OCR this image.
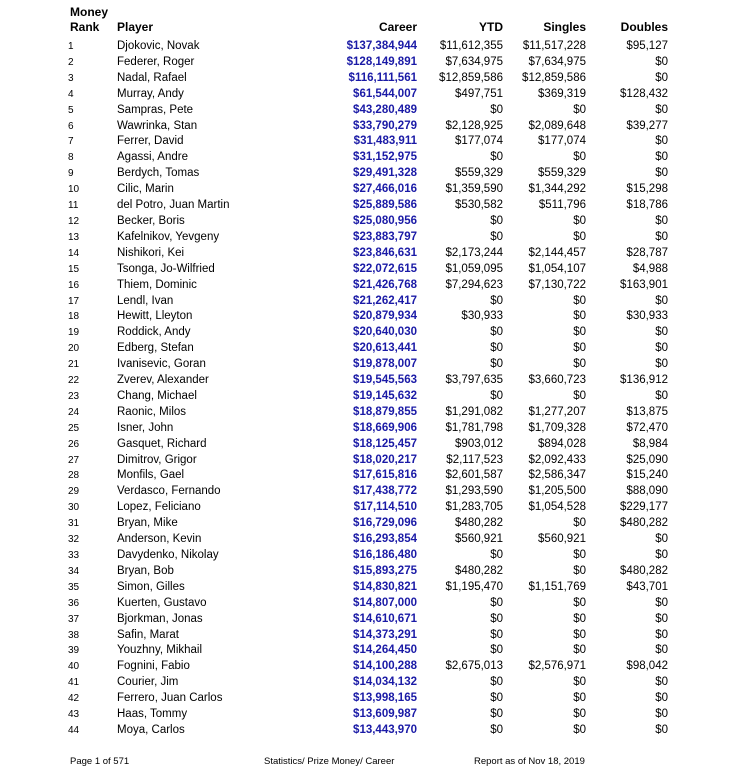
Money
Rank Player	Career	YTD	Singles	Doubles
1	Djokovic, Novak	$137,384,944	$11,612,355	$11,517,228	$95,127
2	Federer, Roger	$128,149,891	$7,634,975	$7,634,975	$0
3	Nadal, Rafael	$116,111,561	$12,859,586	$12,859,586	$0
4	Murray, Andy	$61,544,007	$497,751	$369,319	$128,432
5	Sampras, Pete	$43,280,489	$0	$0	$0
6	Wawrinka, Stan	$33,790,279	$2,128,925	$2,089,648	$39,277
7	Ferrer, David	$31,483,911	$177,074	$177,074	$0
8	Agassi, Andre	$31,152,975	$0	$0	$0
9	Berdych, Tomas	$29,491,328	$559,329	$559,329	$0
10	Cilic, Marin	$27,466,016	$1,359,590	$1,344,292	$15,298
11	del Potro, Juan Martin	$25,889,586	$530,582	$511,796	$18,786
12	Becker, Boris	$25,080,956	$0	$0	$0
13	Kafelnikov, Yevgeny	$23,883,797	$0	$0	$0
14	Nishikori, Kei	$23,846,631	$2,173,244	$2,144,457	$28,787
15	Tsonga, Jo-Wilfried	$22,072,615	$1,059,095	$1,054,107	$4,988
16	Thiem, Dominic	$21,426,768	$7,294,623	$7,130,722	$163,901
17	Lendl, Ivan	$21,262,417	$0	$0	$0
18	Hewitt, Lleyton	$20,879,934	$30,933	$0	$30,933
19	Roddick, Andy	$20,640,030	$0	$0	$0
20	Edberg, Stefan	$20,613,441	$0	$0	$0
21	Ivanisevic, Goran	$19,878,007	$0	$0	$0
22	Zverev, Alexander	$19,545,563	$3,797,635	$3,660,723	$136,912
23	Chang, Michael	$19,145,632	$0	$0	$0
24	Raonic, Milos	$18,879,855	$1,291,082	$1,277,207	$13,875
25	Isner, John	$18,669,906	$1,781,798	$1,709,328	$72,470
26	Gasquet, Richard	$18,125,457	$903,012	$894,028	$8,984
27	Dimitrov, Grigor	$18,020,217	$2,117,523	$2,092,433	$25,090
28	Monfils, Gael	$17,615,816	$2,601,587	$2,586,347	$15,240
29	Verdasco, Fernando	$17,438,772	$1,293,590	$1,205,500	$88,090
30	Lopez, Feliciano	$17,114,510	$1,283,705	$1,054,528	$229,177
31	Bryan, Mike	$16,729,096	$480,282	$0	$480,282
32	Anderson, Kevin	$16,293,854	$560,921	$560,921	$0
33	Davydenko, Nikolay	$16,186,480	$0	$0	$0
34	Bryan, Bob	$15,893,275	$480,282	$0	$480,282
35	Simon, Gilles	$14,830,821	$1,195,470	$1,151,769	$43,701
36	Kuerten, Gustavo	$14,807,000	$0	$0	$0
37	Bjorkman, Jonas	$14,610,671	$0	$0	$0
38	Safin, Marat	$14,373,291	$0	$0	$0
39	Youzhny, Mikhail	$14,264,450	$0	$0	$0
40	Fognini, Fabio	$14,100,288	$2,675,013	$2,576,971	$98,042
41	Courier, Jim	$14,034,132	$0	$0	$0
42	Ferrero, Juan Carlos	$13,998,165	$0	$0	$0
43	Haas, Tommy	$13,609,987	$0	$0	$0
44	Moya, Carlos	$13,443,970	$0	$0	$0
Page 1 of 571	Statistics/ Prize Money/ Career	Report as of Nov 18, 2019
